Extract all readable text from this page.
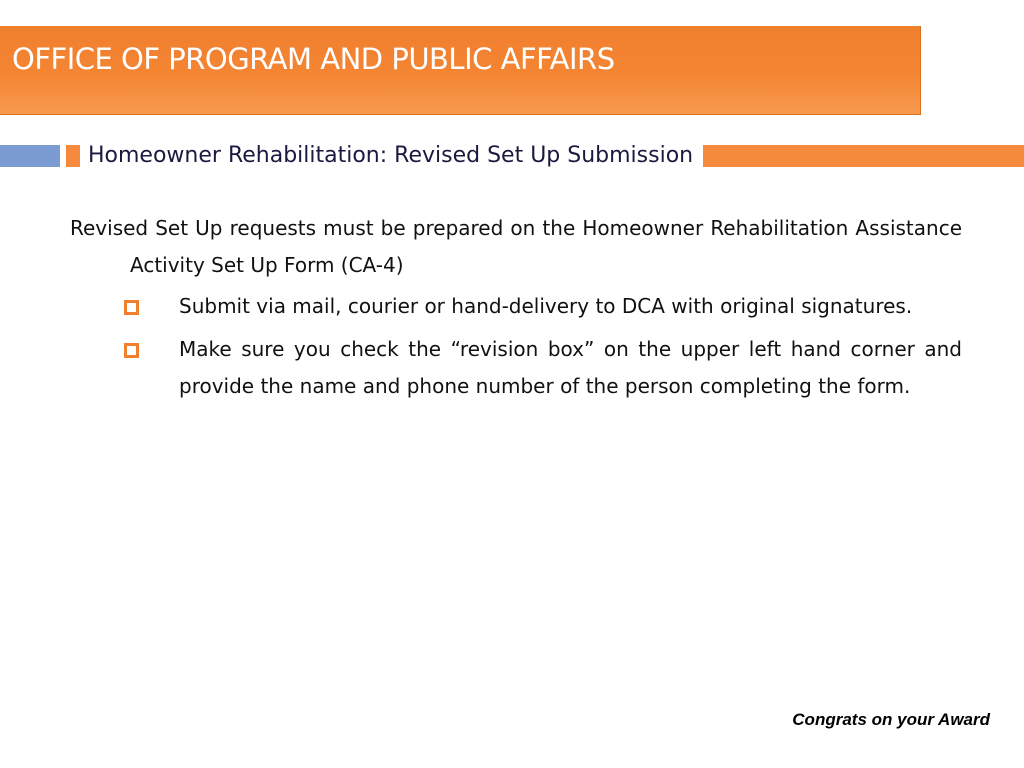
OFFICE OF PROGRAM AND PUBLIC AFFAIRS
Homeowner Rehabilitation: Revised Set Up Submission

Revised Set Up requests must be prepared on the Homeowner Rehabilitation Assistance Activity Set Up Form (CA-4)

Submit via mail, courier or hand-delivery to DCA with original signatures.
Make sure you check the “revision box” on the upper left hand corner and provide the name and phone number of the person completing the form.
Congrats on your Award
